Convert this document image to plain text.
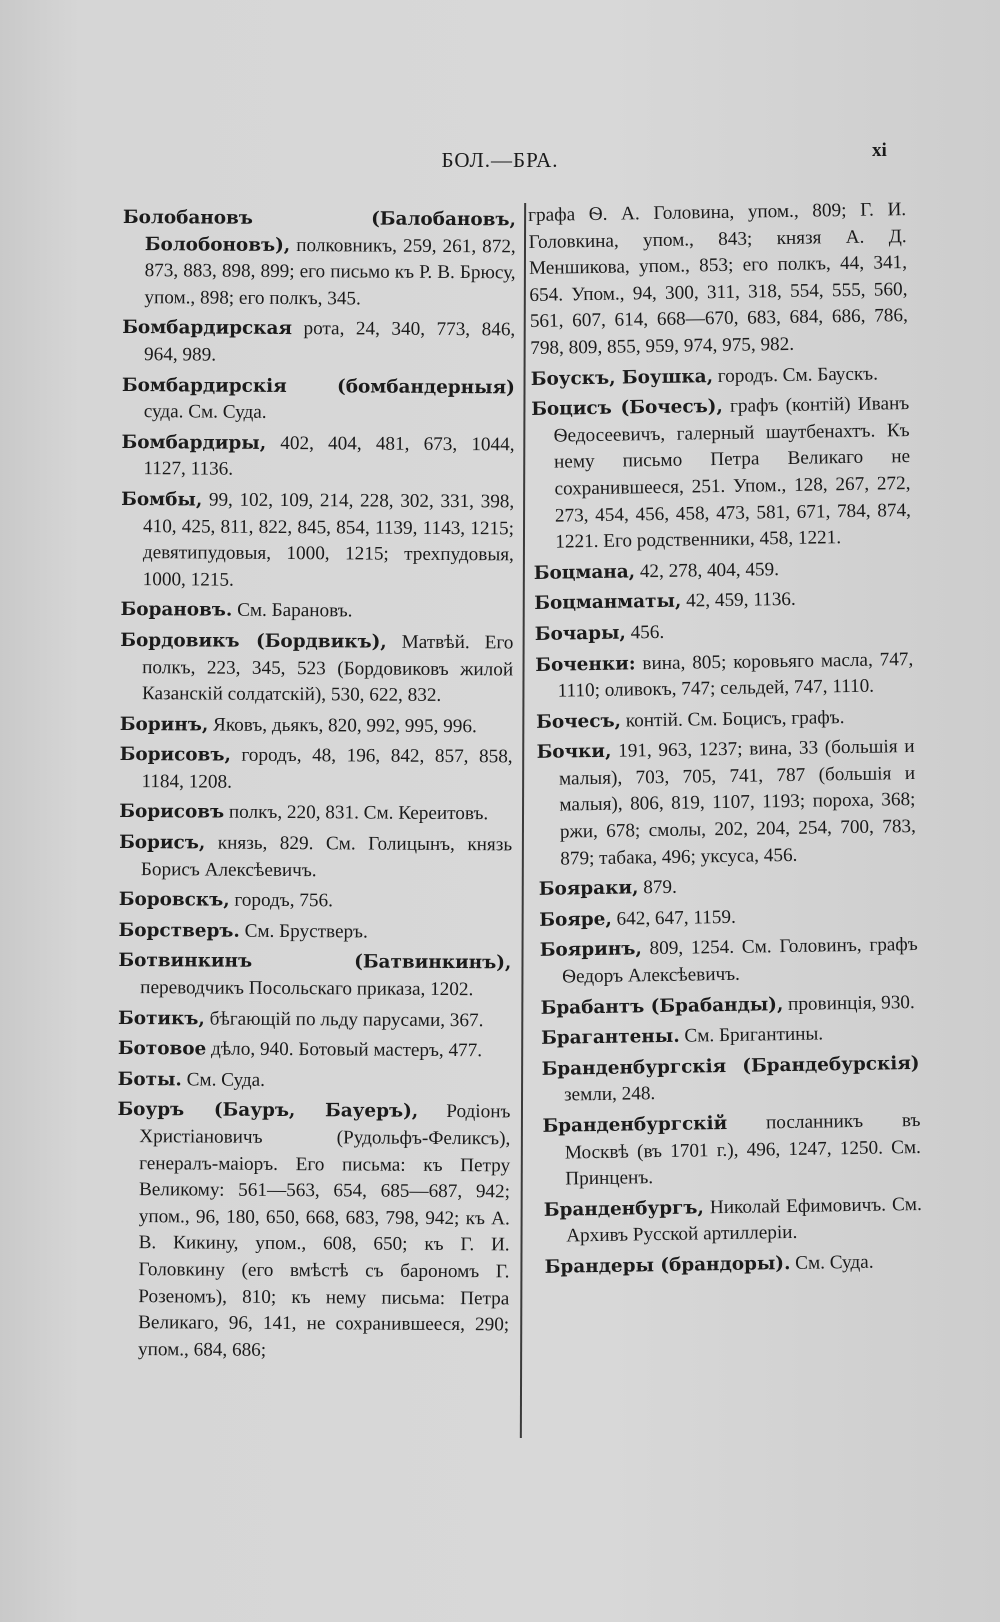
БОЛ.—БРА.	xi

Болобановъ (Балобановъ, Болобоновъ), полковникъ, 259, 261, 872, 873, 883, 898, 899; его письмо къ Р. В. Брюсу, упом., 898; его полкъ, 345.

Бомбардирская рота, 24, 340, 773, 846, 964, 989.

Бомбардирскія (бомбандерныя) суда. См. Суда.

Бомбардиры, 402, 404, 481, 673, 1044, 1127, 1136.

Бомбы, 99, 102, 109, 214, 228, 302, 331, 398, 410, 425, 811, 822, 845, 854, 1139, 1143, 1215; девятипудовыя, 1000, 1215; трехпудовыя, 1000, 1215.

Борановъ. См. Барановъ.

Бордовикъ (Бордвикъ), Матвѣй. Его полкъ, 223, 345, 523 (Бордовиковъ жилой Казанскій солдатскій), 530, 622, 832.

Боринъ, Яковъ, дьякъ, 820, 992, 995, 996.

Борисовъ, городъ, 48, 196, 842, 857, 858, 1184, 1208.

Борисовъ полкъ, 220, 831. См. Кереитовъ.

Борисъ, князь, 829. См. Голицынъ, князь Борисъ Алексѣевичъ.

Боровскъ, городъ, 756.

Борстверъ. См. Брустверъ.

Ботвинкинъ (Батвинкинъ), переводчикъ Посольскаго приказа, 1202.

Ботикъ, бѣгающій по льду парусами, 367.

Ботовое дѣло, 940. Ботовый мастеръ, 477.

Боты. См. Суда.

Боуръ (Бауръ, Бауеръ), Родіонъ Христіановичъ (Рудольфъ-Феликсъ), генералъ-маіоръ. Его письма: къ Петру Великому: 561—563, 654, 685—687, 942; упом., 96, 180, 650, 668, 683, 798, 942; къ А. В. Кикину, упом., 608, 650; къ Г. И. Головкину (его вмѣстѣ съ барономъ Г. Розеномъ), 810; къ нему письма: Петра Великаго, 96, 141, не сохранившееся, 290; упом., 684, 686;

графа Ѳ. А. Головина, упом., 809; Г. И. Головкина, упом., 843; князя А. Д. Меншикова, упом., 853; его полкъ, 44, 341, 654. Упом., 94, 300, 311, 318, 554, 555, 560, 561, 607, 614, 668—670, 683, 684, 686, 786, 798, 809, 855, 959, 974, 975, 982.

Боускъ, Боушка, городъ. См. Баускъ.

Боцисъ (Бочесъ), графъ (контій) Иванъ Ѳедосеевичъ, галерный шаутбенахтъ. Къ нему письмо Петра Великаго не сохранившееся, 251. Упом., 128, 267, 272, 273, 454, 456, 458, 473, 581, 671, 784, 874, 1221. Его родственники, 458, 1221.

Боцмана, 42, 278, 404, 459.

Боцманматы, 42, 459, 1136.

Бочары, 456.

Боченки: вина, 805; коровьяго масла, 747, 1110; оливокъ, 747; сельдей, 747, 1110.

Бочесъ, контій. См. Боцисъ, графъ.

Бочки, 191, 963, 1237; вина, 33 (большія и малыя), 703, 705, 741, 787 (большія и малыя), 806, 819, 1107, 1193; пороха, 368; ржи, 678; смолы, 202, 204, 254, 700, 783, 879; табака, 496; уксуса, 456.

Бояраки, 879.

Бояре, 642, 647, 1159.

Бояринъ, 809, 1254. См. Головинъ, графъ Ѳедоръ Алексѣевичъ.

Брабантъ (Брабанды), провинція, 930.

Брагантены. См. Бригантины.

Бранденбургскія (Брандебурскія) земли, 248.

Бранденбургскій посланникъ въ Москвѣ (въ 1701 г.), 496, 1247, 1250. См. Принценъ.

Бранденбургъ, Николай Ефимовичъ. См. Архивъ Русской артиллеріи.

Брандеры (брандоры). См. Суда.
